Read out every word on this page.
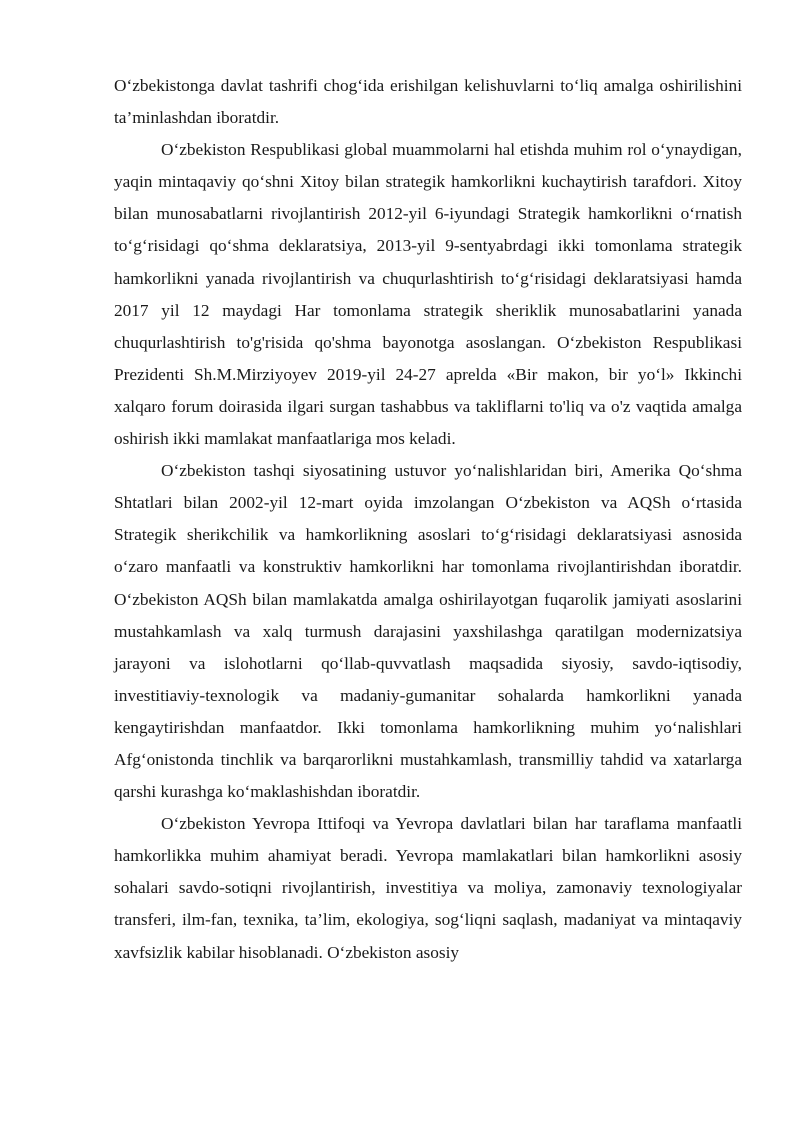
O‘zbekistonga davlat tashrifi chog‘ida erishilgan kelishuvlarni to‘liq amalga oshirilishini ta’minlashdan iboratdir.

O‘zbekiston Respublikasi global muammolarni hal etishda muhim rol o‘ynaydigan, yaqin mintaqaviy qo‘shni Xitoy bilan strategik hamkorlikni kuchaytirish tarafdori. Xitoy bilan munosabatlarni rivojlantirish 2012-yil 6-iyundagi Strategik hamkorlikni o‘rnatish to‘g‘risidagi qo‘shma deklaratsiya, 2013-yil 9-sentyabrdagi ikki tomonlama strategik hamkorlikni yanada rivojlantirish va chuqurlashtirish to‘g‘risidagi deklaratsiyasi hamda 2017 yil 12 maydagi Har tomonlama strategik sheriklik munosabatlarini yanada chuqurlashtirish to'g'risida qo'shma bayonotga asoslangan. O‘zbekiston Respublikasi Prezidenti Sh.M.Mirziyoyev 2019-yil 24-27 aprelda «Bir makon, bir yo‘l» Ikkinchi xalqaro forum doirasida ilgari surgan tashabbus va takliflarni to'liq va o'z vaqtida amalga oshirish ikki mamlakat manfaatlariga mos keladi.

O‘zbekiston tashqi siyosatining ustuvor yo‘nalishlaridan biri, Amerika Qo‘shma Shtatlari bilan 2002-yil 12-mart oyida imzolangan O‘zbekiston va AQSh o‘rtasida Strategik sherikchilik va hamkorlikning asoslari to‘g‘risidagi deklaratsiyasi asnosida o‘zaro manfaatli va konstruktiv hamkorlikni har tomonlama rivojlantirishdan iboratdir. O‘zbekiston AQSh bilan mamlakatda amalga oshirilayotgan fuqarolik jamiyati asoslarini mustahkamlash va xalq turmush darajasini yaxshilashga qaratilgan modernizatsiya jarayoni va islohotlarni qo‘llab-quvvatlash maqsadida siyosiy, savdo-iqtisodiy, investitiaviy-texnologik va madaniy-gumanitar sohalarda hamkorlikni yanada kengaytirishdan manfaatdor. Ikki tomonlama hamkorlikning muhim yo‘nalishlari Afg‘onistonda tinchlik va barqarorlikni mustahkamlash, transmilliy tahdid va xatarlarga qarshi kurashga ko‘maklashishdan iboratdir.

O‘zbekiston Yevropa Ittifoqi va Yevropa davlatlari bilan har taraflama manfaatli hamkorlikka muhim ahamiyat beradi. Yevropa mamlakatlari bilan hamkorlikni asosiy sohalari savdo-sotiqni rivojlantirish, investitiya va moliya, zamonaviy texnologiyalar transferi, ilm-fan, texnika, ta’lim, ekologiya, sog‘liqni saqlash, madaniyat va mintaqaviy xavfsizlik kabilar hisoblanadi. O‘zbekiston asosiy
